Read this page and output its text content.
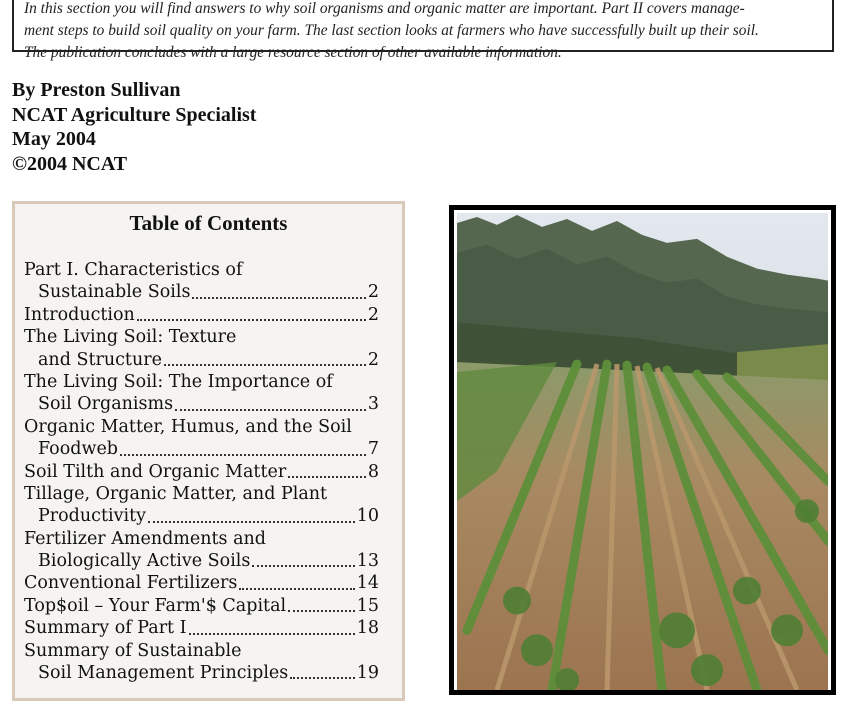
In this section you will find answers to why soil organisms and organic matter are important. Part II covers manage-

ment steps to build soil quality on your farm. The last section looks at farmers who have successfully built up their soil.

The publication concludes with a large resource section of other available information.

By Preston Sullivan
NCAT Agriculture Specialist
May 2004
©2004 NCAT
Table of Contents
Part I. Characteristics of
Sustainable Soils	2
Introduction	2
The Living Soil: Texture
and Structure	2
The Living Soil: The Importance of
Soil Organisms	3
Organic Matter, Humus, and the Soil
Foodweb	7
Soil Tilth and Organic Matter	8
Tillage, Organic Matter, and Plant
Productivity	10
Fertilizer Amendments and
Biologically Active Soils	13
Conventional Fertilizers	14
Top$oil – Your Farm'$ Capital	15
Summary of Part I	18
Summary of Sustainable
Soil Management Principles	19
